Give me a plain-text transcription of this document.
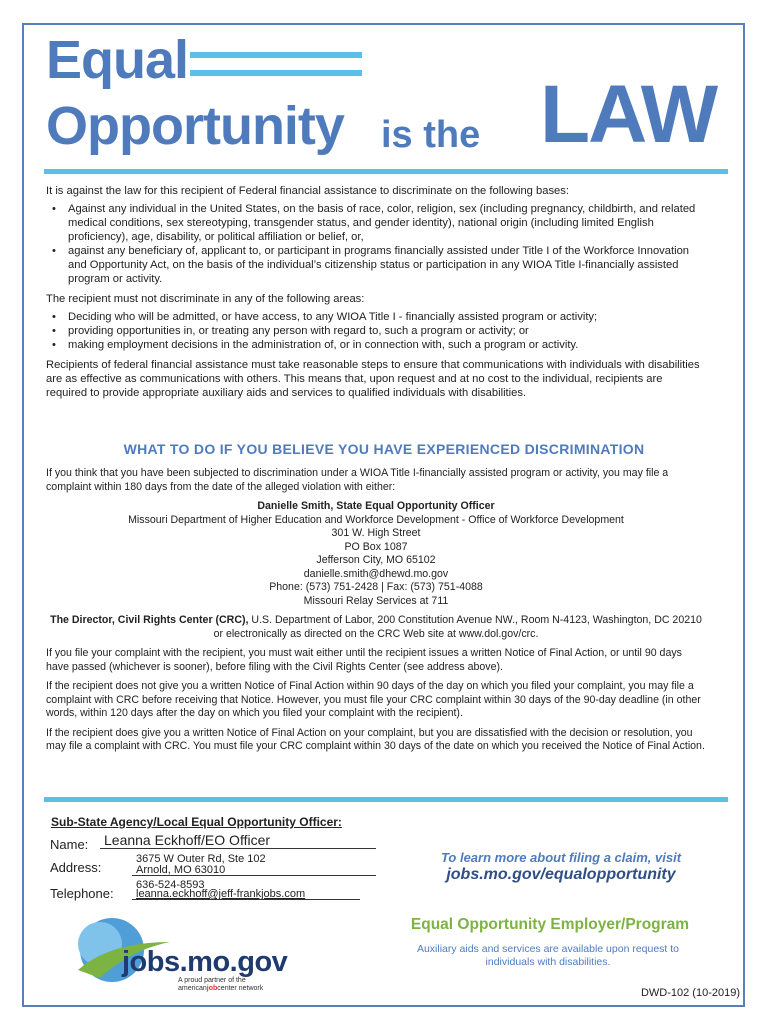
Equal
Opportunity is the LAW

It is against the law for this recipient of Federal financial assistance to discriminate on the following bases:

• Against any individual in the United States, on the basis of race, color, religion, sex (including pregnancy, childbirth, and related medical conditions, sex stereotyping, transgender status, and gender identity), national origin (including limited English proficiency), age, disability, or political affiliation or belief, or,
• against any beneficiary of, applicant to, or participant in programs financially assisted under Title I of the Workforce Innovation and Opportunity Act, on the basis of the individual’s citizenship status or participation in any WIOA Title I-financially assisted program or activity.

The recipient must not discriminate in any of the following areas:

• Deciding who will be admitted, or have access, to any WIOA Title I - financially assisted program or activity;
• providing opportunities in, or treating any person with regard to, such a program or activity; or
• making employment decisions in the administration of, or in connection with, such a program or activity.

Recipients of federal financial assistance must take reasonable steps to ensure that communications with individuals with disabilities are as effective as communications with others. This means that, upon request and at no cost to the individual, recipients are required to provide appropriate auxiliary aids and services to qualified individuals with disabilities.

WHAT TO DO IF YOU BELIEVE YOU HAVE EXPERIENCED DISCRIMINATION

If you think that you have been subjected to discrimination under a WIOA Title I-financially assisted program or activity, you may file a complaint within 180 days from the date of the alleged violation with either:

Danielle Smith, State Equal Opportunity Officer
Missouri Department of Higher Education and Workforce Development - Office of Workforce Development
301 W. High Street
PO Box 1087
Jefferson City, MO 65102
danielle.smith@dhewd.mo.gov
Phone: (573) 751-2428 | Fax: (573) 751-4088
Missouri Relay Services at 711

The Director, Civil Rights Center (CRC), U.S. Department of Labor, 200 Constitution Avenue NW., Room N-4123, Washington, DC 20210 or electronically as directed on the CRC Web site at www.dol.gov/crc.

If you file your complaint with the recipient, you must wait either until the recipient issues a written Notice of Final Action, or until 90 days have passed (whichever is sooner), before filing with the Civil Rights Center (see address above).

If the recipient does not give you a written Notice of Final Action within 90 days of the day on which you filed your complaint, you may file a complaint with CRC before receiving that Notice. However, you must file your CRC complaint within 30 days of the 90-day deadline (in other words, within 120 days after the day on which you filed your complaint with the recipient).

If the recipient does give you a written Notice of Final Action on your complaint, but you are dissatisfied with the decision or resolution, you may file a complaint with CRC. You must file your CRC complaint within 30 days of the date on which you received the Notice of Final Action.

Sub-State Agency/Local Equal Opportunity Officer:
Name: Leanna Eckhoff/EO Officer
Address:
3675 W Outer Rd, Ste 102
Arnold, MO 63010
636-524-8593
Telephone: leanna.eckhoff@jeff-frankjobs.com
To learn more about filing a claim, visit
jobs.mo.gov/equalopportunity
jobs.mo.gov
A proud partner of the
americanjobcenter network
Equal Opportunity Employer/Program
Auxiliary aids and services are available upon request to individuals with disabilities.
DWD-102 (10-2019)
